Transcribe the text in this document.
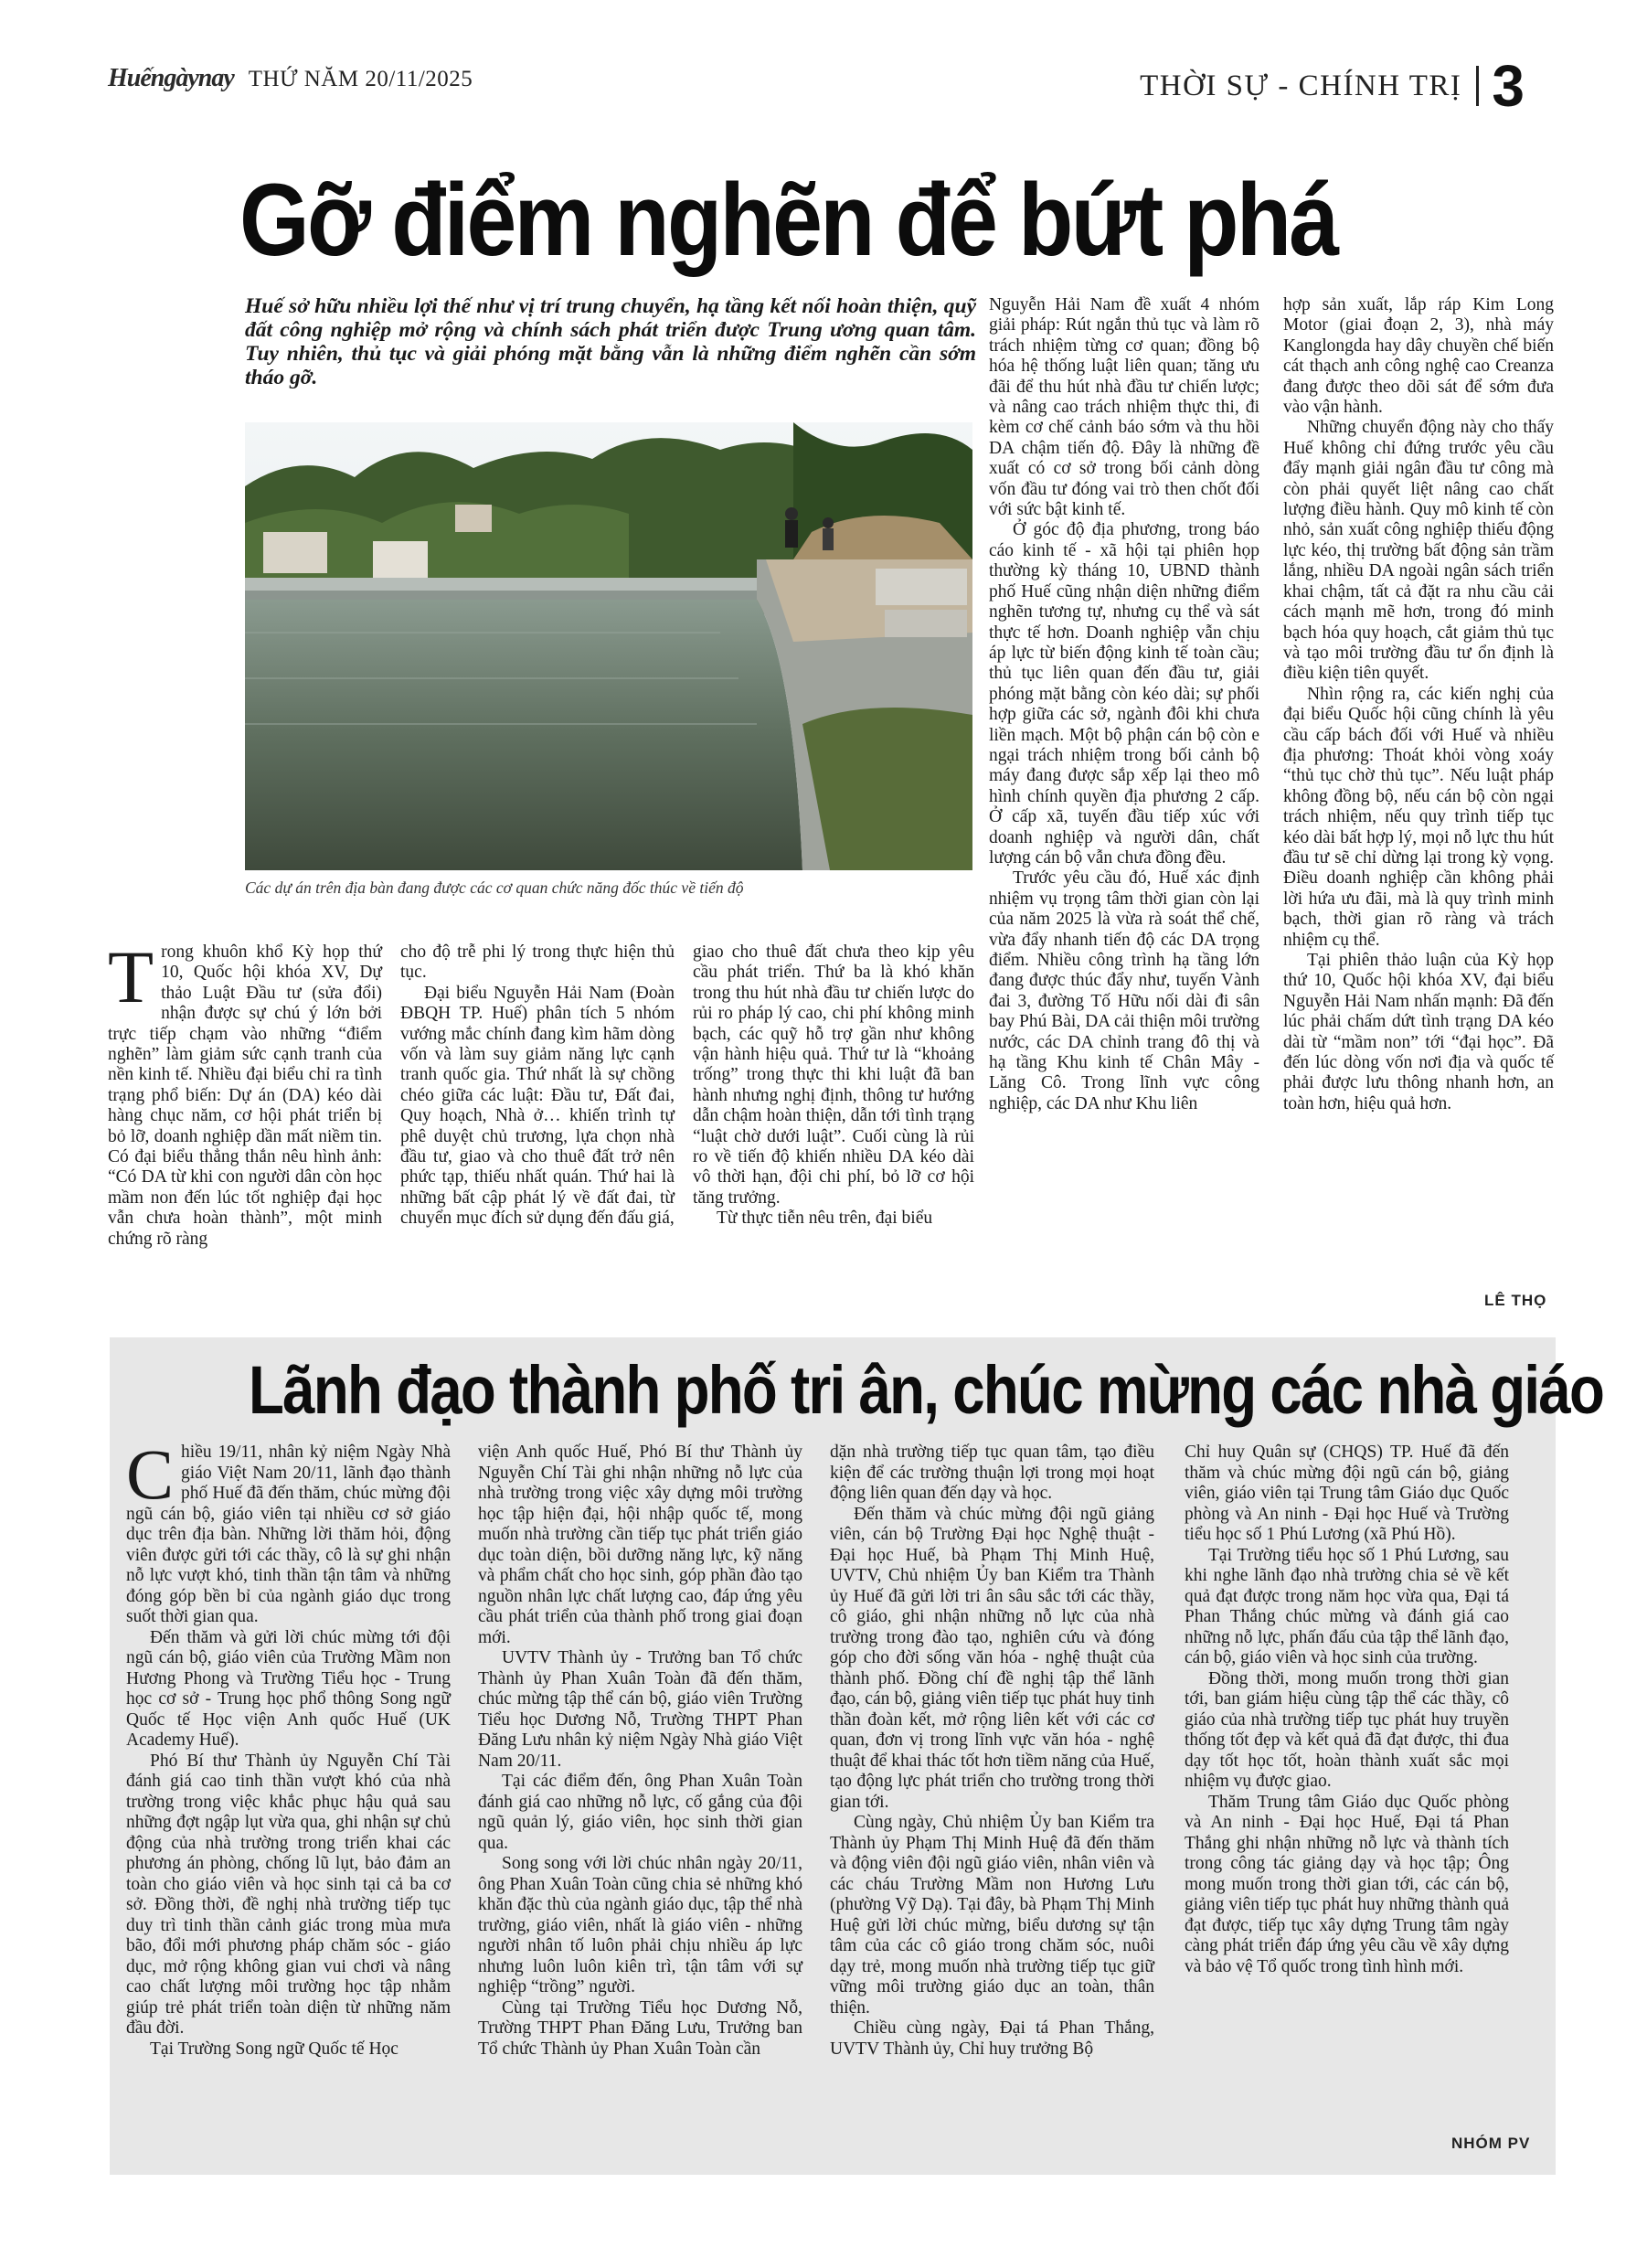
Huếngàynay THỨ NĂM 20/11/2025	THỜI SỰ - CHÍNH TRỊ 3
Gỡ điểm nghẽn để bứt phá
Huế sở hữu nhiều lợi thế như vị trí trung chuyển, hạ tầng kết nối hoàn thiện, quỹ đất công nghiệp mở rộng và chính sách phát triển được Trung ương quan tâm. Tuy nhiên, thủ tục và giải phóng mặt bằng vẫn là những điểm nghẽn cần sớm tháo gỡ.
Các dự án trên địa bàn đang được các cơ quan chức năng đốc thúc về tiến độ

Trong khuôn khổ Kỳ họp thứ 10, Quốc hội khóa XV, Dự thảo Luật Đầu tư (sửa đổi) nhận được sự chú ý lớn bởi trực tiếp chạm vào những “điểm nghẽn” làm giảm sức cạnh tranh của nền kinh tế. Nhiều đại biểu chỉ ra tình trạng phổ biến: Dự án (DA) kéo dài hàng chục năm, cơ hội phát triển bị bỏ lỡ, doanh nghiệp dần mất niềm tin. Có đại biểu thẳng thắn nêu hình ảnh: “Có DA từ khi con người dân còn học mầm non đến lúc tốt nghiệp đại học vẫn chưa hoàn thành”, một minh chứng rõ ràng

cho độ trễ phi lý trong thực hiện thủ tục.

Đại biểu Nguyễn Hải Nam (Đoàn ĐBQH TP. Huế) phân tích 5 nhóm vướng mắc chính đang kìm hãm dòng vốn và làm suy giảm năng lực cạnh tranh quốc gia. Thứ nhất là sự chồng chéo giữa các luật: Đầu tư, Đất đai, Quy hoạch, Nhà ở… khiến trình tự phê duyệt chủ trương, lựa chọn nhà đầu tư, giao và cho thuê đất trở nên phức tạp, thiếu nhất quán. Thứ hai là những bất cập phát lý về đất đai, từ chuyển mục đích sử dụng đến đấu giá,

giao cho thuê đất chưa theo kịp yêu cầu phát triển. Thứ ba là khó khăn trong thu hút nhà đầu tư chiến lược do rủi ro pháp lý cao, chi phí không minh bạch, các quỹ hỗ trợ gần như không vận hành hiệu quả. Thứ tư là “khoảng trống” trong thực thi khi luật đã ban hành nhưng nghị định, thông tư hướng dẫn chậm hoàn thiện, dẫn tới tình trạng “luật chờ dưới luật”. Cuối cùng là rủi ro về tiến độ khiến nhiều DA kéo dài vô thời hạn, đội chi phí, bỏ lỡ cơ hội tăng trưởng.

Từ thực tiễn nêu trên, đại biểu

Nguyễn Hải Nam đề xuất 4 nhóm giải pháp: Rút ngắn thủ tục và làm rõ trách nhiệm từng cơ quan; đồng bộ hóa hệ thống luật liên quan; tăng ưu đãi để thu hút nhà đầu tư chiến lược; và nâng cao trách nhiệm thực thi, đi kèm cơ chế cảnh báo sớm và thu hồi DA chậm tiến độ. Đây là những đề xuất có cơ sở trong bối cảnh dòng vốn đầu tư đóng vai trò then chốt đối với sức bật kinh tế.

Ở góc độ địa phương, trong báo cáo kinh tế - xã hội tại phiên họp thường kỳ tháng 10, UBND thành phố Huế cũng nhận diện những điểm nghẽn tương tự, nhưng cụ thể và sát thực tế hơn. Doanh nghiệp vẫn chịu áp lực từ biến động kinh tế toàn cầu; thủ tục liên quan đến đầu tư, giải phóng mặt bằng còn kéo dài; sự phối hợp giữa các sở, ngành đôi khi chưa liền mạch. Một bộ phận cán bộ còn e ngại trách nhiệm trong bối cảnh bộ máy đang được sắp xếp lại theo mô hình chính quyền địa phương 2 cấp. Ở cấp xã, tuyến đầu tiếp xúc với doanh nghiệp và người dân, chất lượng cán bộ vẫn chưa đồng đều.

Trước yêu cầu đó, Huế xác định nhiệm vụ trọng tâm thời gian còn lại của năm 2025 là vừa rà soát thể chế, vừa đẩy nhanh tiến độ các DA trọng điểm. Nhiều công trình hạ tầng lớn đang được thúc đẩy như, tuyến Vành đai 3, đường Tố Hữu nối dài đi sân bay Phú Bài, DA cải thiện môi trường nước, các DA chỉnh trang đô thị và hạ tầng Khu kinh tế Chân Mây - Lăng Cô. Trong lĩnh vực công nghiệp, các DA như Khu liên

hợp sản xuất, lắp ráp Kim Long Motor (giai đoạn 2, 3), nhà máy Kanglongda hay dây chuyền chế biến cát thạch anh công nghệ cao Creanza đang được theo dõi sát để sớm đưa vào vận hành.

Những chuyển động này cho thấy Huế không chỉ đứng trước yêu cầu đẩy mạnh giải ngân đầu tư công mà còn phải quyết liệt nâng cao chất lượng điều hành. Quy mô kinh tế còn nhỏ, sản xuất công nghiệp thiếu động lực kéo, thị trường bất động sản trầm lắng, nhiều DA ngoài ngân sách triển khai chậm, tất cả đặt ra nhu cầu cải cách mạnh mẽ hơn, trong đó minh bạch hóa quy hoạch, cắt giảm thủ tục và tạo môi trường đầu tư ổn định là điều kiện tiên quyết.

Nhìn rộng ra, các kiến nghị của đại biểu Quốc hội cũng chính là yêu cầu cấp bách đối với Huế và nhiều địa phương: Thoát khỏi vòng xoáy “thủ tục chờ thủ tục”. Nếu luật pháp không đồng bộ, nếu cán bộ còn ngại trách nhiệm, nếu quy trình tiếp tục kéo dài bất hợp lý, mọi nỗ lực thu hút đầu tư sẽ chỉ dừng lại trong kỳ vọng. Điều doanh nghiệp cần không phải lời hứa ưu đãi, mà là quy trình minh bạch, thời gian rõ ràng và trách nhiệm cụ thể.

Tại phiên thảo luận của Kỳ họp thứ 10, Quốc hội khóa XV, đại biểu Nguyễn Hải Nam nhấn mạnh: Đã đến lúc phải chấm dứt tình trạng DA kéo dài từ “mầm non” tới “đại học”. Đã đến lúc dòng vốn nơi địa và quốc tế phải được lưu thông nhanh hơn, an toàn hơn, hiệu quả hơn.

LÊ THỌ
Lãnh đạo thành phố tri ân, chúc mừng các nhà giáo

Chiều 19/11, nhân kỷ niệm Ngày Nhà giáo Việt Nam 20/11, lãnh đạo thành phố Huế đã đến thăm, chúc mừng đội ngũ cán bộ, giáo viên tại nhiều cơ sở giáo dục trên địa bàn. Những lời thăm hỏi, động viên được gửi tới các thầy, cô là sự ghi nhận nỗ lực vượt khó, tinh thần tận tâm và những đóng góp bền bỉ của ngành giáo dục trong suốt thời gian qua.

Đến thăm và gửi lời chúc mừng tới đội ngũ cán bộ, giáo viên của Trường Mầm non Hương Phong và Trường Tiểu học - Trung học cơ sở - Trung học phổ thông Song ngữ Quốc tế Học viện Anh quốc Huế (UK Academy Huế).

Phó Bí thư Thành ủy Nguyễn Chí Tài đánh giá cao tinh thần vượt khó của nhà trường trong việc khắc phục hậu quả sau những đợt ngập lụt vừa qua, ghi nhận sự chủ động của nhà trường trong triển khai các phương án phòng, chống lũ lụt, bảo đảm an toàn cho giáo viên và học sinh tại cả ba cơ sở. Đồng thời, đề nghị nhà trường tiếp tục duy trì tinh thần cảnh giác trong mùa mưa bão, đổi mới phương pháp chăm sóc - giáo dục, mở rộng không gian vui chơi và nâng cao chất lượng môi trường học tập nhằm giúp trẻ phát triển toàn diện từ những năm đầu đời.

Tại Trường Song ngữ Quốc tế Học

viện Anh quốc Huế, Phó Bí thư Thành ủy Nguyễn Chí Tài ghi nhận những nỗ lực của nhà trường trong việc xây dựng môi trường học tập hiện đại, hội nhập quốc tế, mong muốn nhà trường cần tiếp tục phát triển giáo dục toàn diện, bồi dưỡng năng lực, kỹ năng và phẩm chất cho học sinh, góp phần đào tạo nguồn nhân lực chất lượng cao, đáp ứng yêu cầu phát triển của thành phố trong giai đoạn mới.

UVTV Thành ủy - Trưởng ban Tổ chức Thành ủy Phan Xuân Toàn đã đến thăm, chúc mừng tập thể cán bộ, giáo viên Trường Tiểu học Dương Nỗ, Trường THPT Phan Đăng Lưu nhân kỷ niệm Ngày Nhà giáo Việt Nam 20/11.

Tại các điểm đến, ông Phan Xuân Toàn đánh giá cao những nỗ lực, cố gắng của đội ngũ quản lý, giáo viên, học sinh thời gian qua.

Song song với lời chúc nhân ngày 20/11, ông Phan Xuân Toàn cũng chia sẻ những khó khăn đặc thù của ngành giáo dục, tập thể nhà trường, giáo viên, nhất là giáo viên - những người nhân tố luôn phải chịu nhiều áp lực nhưng luôn luôn kiên trì, tận tâm với sự nghiệp “trồng” người.

Cùng tại Trường Tiểu học Dương Nỗ, Trường THPT Phan Đăng Lưu, Trưởng ban Tổ chức Thành ủy Phan Xuân Toàn cần

dặn nhà trường tiếp tục quan tâm, tạo điều kiện để các trường thuận lợi trong mọi hoạt động liên quan đến dạy và học.

Đến thăm và chúc mừng đội ngũ giảng viên, cán bộ Trường Đại học Nghệ thuật - Đại học Huế, bà Phạm Thị Minh Huệ, UVTV, Chủ nhiệm Ủy ban Kiểm tra Thành ủy Huế đã gửi lời tri ân sâu sắc tới các thầy, cô giáo, ghi nhận những nỗ lực của nhà trường trong đào tạo, nghiên cứu và đóng góp cho đời sống văn hóa - nghệ thuật của thành phố. Đồng chí đề nghị tập thể lãnh đạo, cán bộ, giảng viên tiếp tục phát huy tinh thần đoàn kết, mở rộng liên kết với các cơ quan, đơn vị trong lĩnh vực văn hóa - nghệ thuật để khai thác tốt hơn tiềm năng của Huế, tạo động lực phát triển cho trường trong thời gian tới.

Cùng ngày, Chủ nhiệm Ủy ban Kiểm tra Thành ủy Phạm Thị Minh Huệ đã đến thăm và động viên đội ngũ giáo viên, nhân viên và các cháu Trường Mầm non Hương Lưu (phường Vỹ Dạ). Tại đây, bà Phạm Thị Minh Huệ gửi lời chúc mừng, biểu dương sự tận tâm của các cô giáo trong chăm sóc, nuôi dạy trẻ, mong muốn nhà trường tiếp tục giữ vững môi trường giáo dục an toàn, thân thiện.

Chiều cùng ngày, Đại tá Phan Thắng, UVTV Thành ủy, Chỉ huy trưởng Bộ

Chỉ huy Quân sự (CHQS) TP. Huế đã đến thăm và chúc mừng đội ngũ cán bộ, giảng viên, giáo viên tại Trung tâm Giáo dục Quốc phòng và An ninh - Đại học Huế và Trường tiểu học số 1 Phú Lương (xã Phú Hồ).

Tại Trường tiểu học số 1 Phú Lương, sau khi nghe lãnh đạo nhà trường chia sẻ về kết quả đạt được trong năm học vừa qua, Đại tá Phan Thắng chúc mừng và đánh giá cao những nỗ lực, phấn đấu của tập thể lãnh đạo, cán bộ, giáo viên và học sinh của trường.

Đồng thời, mong muốn trong thời gian tới, ban giám hiệu cùng tập thể các thầy, cô giáo của nhà trường tiếp tục phát huy truyền thống tốt đẹp và kết quả đã đạt được, thi đua dạy tốt học tốt, hoàn thành xuất sắc mọi nhiệm vụ được giao.

Thăm Trung tâm Giáo dục Quốc phòng và An ninh - Đại học Huế, Đại tá Phan Thắng ghi nhận những nỗ lực và thành tích trong công tác giảng dạy và học tập; Ông mong muốn trong thời gian tới, các cán bộ, giảng viên tiếp tục phát huy những thành quả đạt được, tiếp tục xây dựng Trung tâm ngày càng phát triển đáp ứng yêu cầu về xây dựng và bảo vệ Tổ quốc trong tình hình mới.

NHÓM PV
